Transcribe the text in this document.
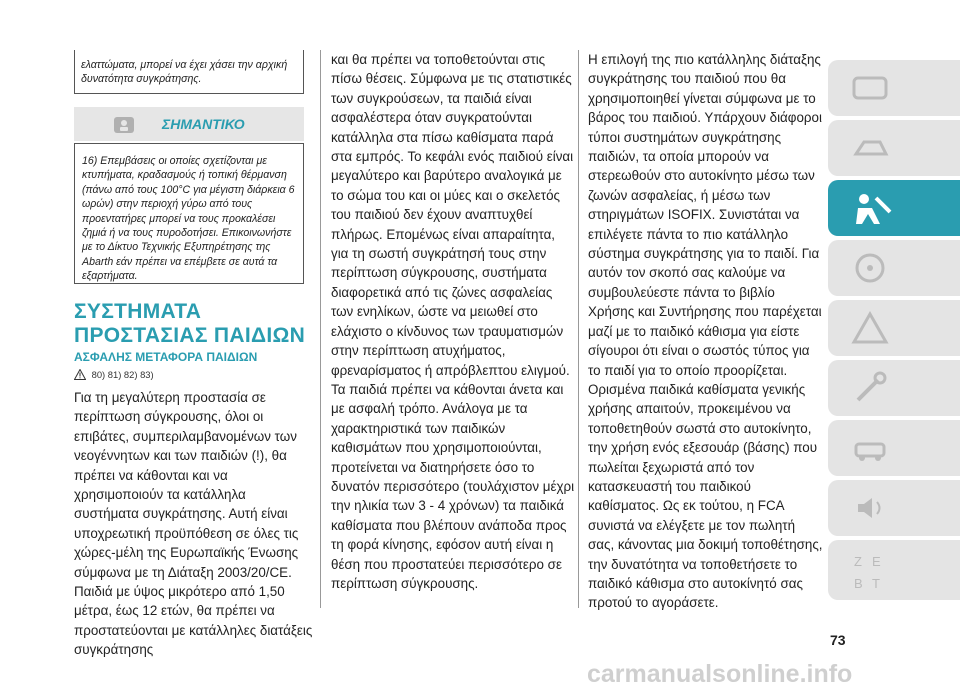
ελαττώματα, μπορεί να έχει χάσει την αρχική δυνατότητα συγκράτησης.

ΣΗΜΑΝΤΙΚΟ

16) Επεμβάσεις οι οποίες σχετίζονται με κτυπήματα, κραδασμούς ή τοπική θέρμανση (πάνω από τους 100°C για μέγιστη διάρκεια 6 ωρών) στην περιοχή γύρω από τους προεντατήρες μπορεί να τους προκαλέσει ζημιά ή να τους πυροδοτήσει. Επικοινωνήστε με το Δίκτυο Τεχνικής Εξυπηρέτησης της Abarth εάν πρέπει να επέμβετε σε αυτά τα εξαρτήματα.

ΣΥΣΤΗΜΑΤΑ ΠΡΟΣΤΑΣΙΑΣ ΠΑΙΔΙΩΝ
ΑΣΦΑΛΗΣ ΜΕΤΑΦΟΡΑ ΠΑΙΔΙΩΝ
80) 81) 82) 83)

Για τη μεγαλύτερη προστασία σε περίπτωση σύγκρουσης, όλοι οι επιβάτες, συμπεριλαμβανομένων των νεογέννητων και των παιδιών (!), θα πρέπει να κάθονται και να χρησιμοποιούν τα κατάλληλα συστήματα συγκράτησης. Αυτή είναι υποχρεωτική προϋπόθεση σε όλες τις χώρες-μέλη της Ευρωπαϊκής Ένωσης σύμφωνα με τη Διάταξη 2003/20/CE. Παιδιά με ύψος μικρότερο από 1,50 μέτρα, έως 12 ετών, θα πρέπει να προστατεύονται με κατάλληλες διατάξεις συγκράτησης

και θα πρέπει να τοποθετούνται στις πίσω θέσεις. Σύμφωνα με τις στατιστικές των συγκρούσεων, τα παιδιά είναι ασφαλέστερα όταν συγκρατούνται κατάλληλα στα πίσω καθίσματα παρά στα εμπρός. Το κεφάλι ενός παιδιού είναι μεγαλύτερο και βαρύτερο αναλογικά με το σώμα του και οι μύες και ο σκελετός του παιδιού δεν έχουν αναπτυχθεί πλήρως. Επομένως είναι απαραίτητα, για τη σωστή συγκράτησή τους στην περίπτωση σύγκρουσης, συστήματα διαφορετικά από τις ζώνες ασφαλείας των ενηλίκων, ώστε να μειωθεί στο ελάχιστο ο κίνδυνος των τραυματισμών στην περίπτωση ατυχήματος, φρεναρίσματος ή απρόβλεπτου ελιγμού. Τα παιδιά πρέπει να κάθονται άνετα και με ασφαλή τρόπο. Ανάλογα με τα χαρακτηριστικά των παιδικών καθισμάτων που χρησιμοποιούνται, προτείνεται να διατηρήσετε όσο το δυνατόν περισσότερο (τουλάχιστον μέχρι την ηλικία των 3 - 4 χρόνων) τα παιδικά καθίσματα που βλέπουν ανάποδα προς τη φορά κίνησης, εφόσον αυτή είναι η θέση που προστατεύει περισσότερο σε περίπτωση σύγκρουσης.

Η επιλογή της πιο κατάλληλης διάταξης συγκράτησης του παιδιού που θα χρησιμοποιηθεί γίνεται σύμφωνα με το βάρος του παιδιού. Υπάρχουν διάφοροι τύποι συστημάτων συγκράτησης παιδιών, τα οποία μπορούν να στερεωθούν στο αυτοκίνητο μέσω των ζωνών ασφαλείας, ή μέσω των στηριγμάτων ISOFIX. Συνιστάται να επιλέγετε πάντα το πιο κατάλληλο σύστημα συγκράτησης για το παιδί. Για αυτόν τον σκοπό σας καλούμε να συμβουλεύεστε πάντα το βιβλίο Χρήσης και Συντήρησης που παρέχεται μαζί με το παιδικό κάθισμα για είστε σίγουροι ότι είναι ο σωστός τύπος για το παιδί για το οποίο προορίζεται. Ορισμένα παιδικά καθίσματα γενικής χρήσης απαιτούν, προκειμένου να τοποθετηθούν σωστά στο αυτοκίνητο, την χρήση ενός εξεσουάρ (βάσης) που πωλείται ξεχωριστά από τον κατασκευαστή του παιδικού καθίσματος. Ως εκ τούτου, η FCA συνιστά να ελέγξετε με τον πωλητή σας, κάνοντας μια δοκιμή τοποθέτησης, την δυνατότητα να τοποθετήσετε το παιδικό κάθισμα στο αυτοκίνητό σας προτού το αγοράσετε.

Z E
B T
73
carmanualsonline.info
